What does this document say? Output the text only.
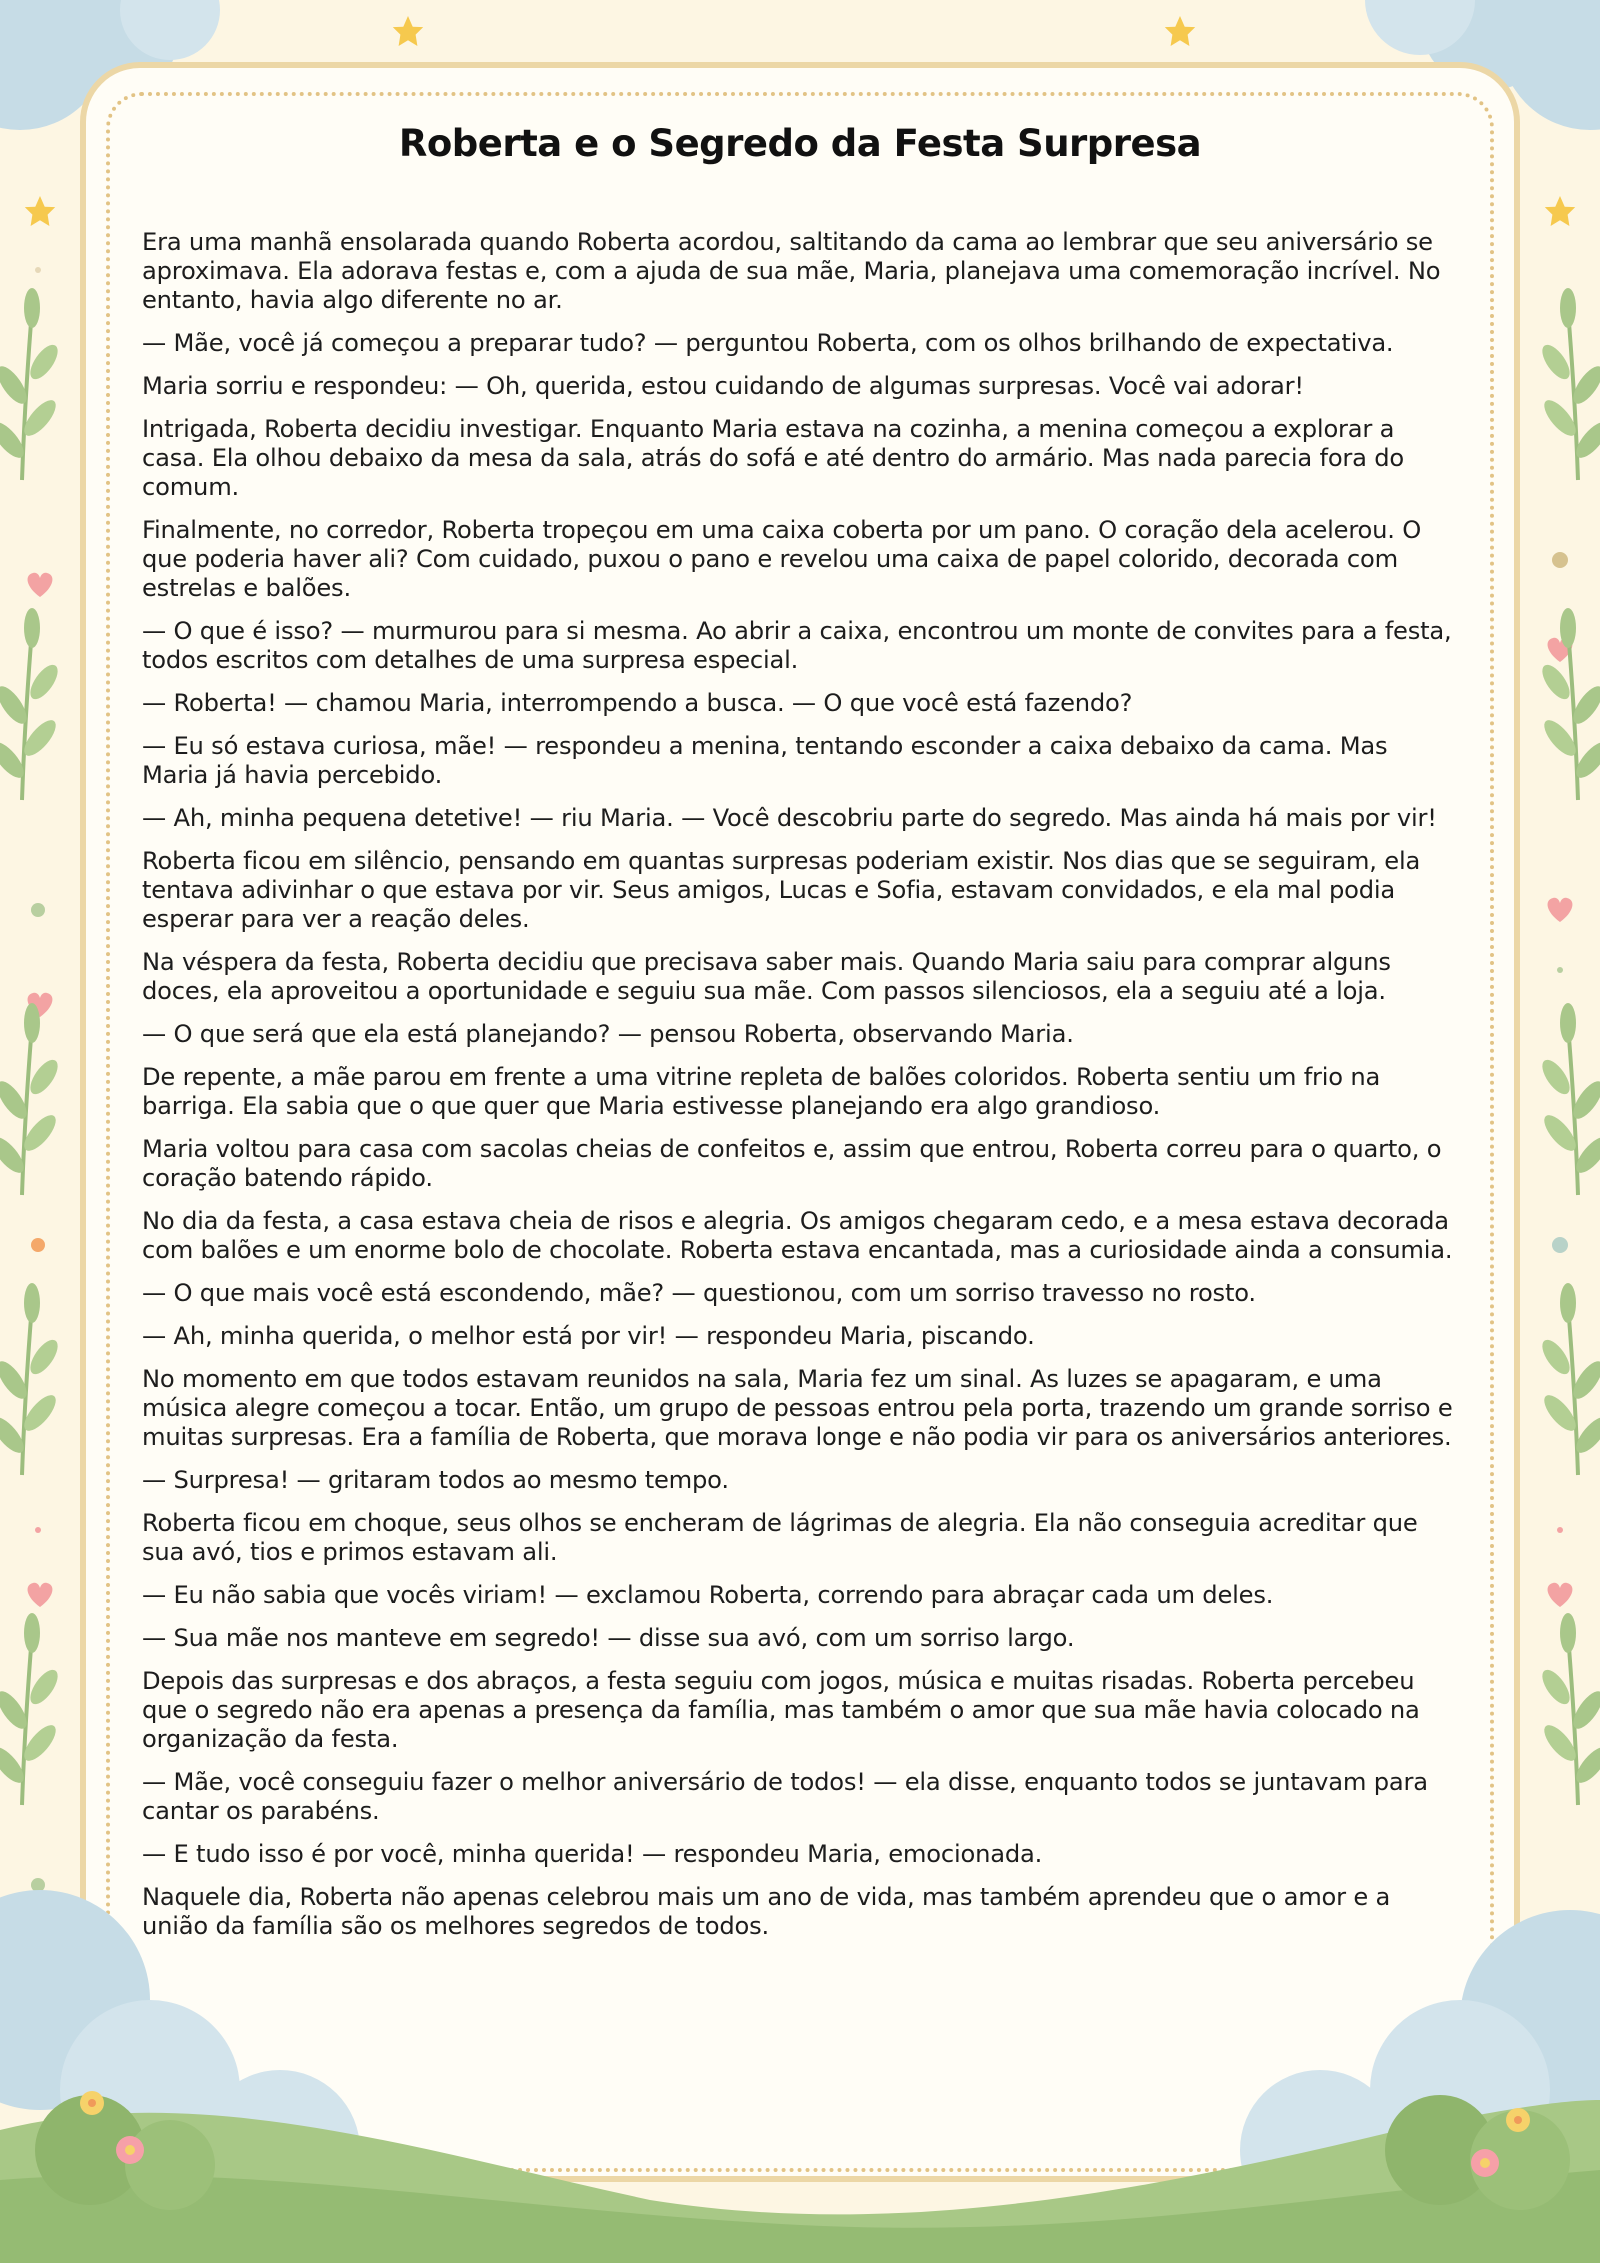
Roberta e o Segredo da Festa Surpresa

Era uma manhã ensolarada quando Roberta acordou, saltitando da cama ao lembrar que seu aniversário se aproximava. Ela adorava festas e, com a ajuda de sua mãe, Maria, planejava uma comemoração incrível. No entanto, havia algo diferente no ar.

— Mãe, você já começou a preparar tudo? — perguntou Roberta, com os olhos brilhando de expectativa.

Maria sorriu e respondeu: — Oh, querida, estou cuidando de algumas surpresas. Você vai adorar!

Intrigada, Roberta decidiu investigar. Enquanto Maria estava na cozinha, a menina começou a explorar a casa. Ela olhou debaixo da mesa da sala, atrás do sofá e até dentro do armário. Mas nada parecia fora do comum.

Finalmente, no corredor, Roberta tropeçou em uma caixa coberta por um pano. O coração dela acelerou. O que poderia haver ali? Com cuidado, puxou o pano e revelou uma caixa de papel colorido, decorada com estrelas e balões.

— O que é isso? — murmurou para si mesma. Ao abrir a caixa, encontrou um monte de convites para a festa, todos escritos com detalhes de uma surpresa especial.

— Roberta! — chamou Maria, interrompendo a busca. — O que você está fazendo?

— Eu só estava curiosa, mãe! — respondeu a menina, tentando esconder a caixa debaixo da cama. Mas Maria já havia percebido.

— Ah, minha pequena detetive! — riu Maria. — Você descobriu parte do segredo. Mas ainda há mais por vir!

Roberta ficou em silêncio, pensando em quantas surpresas poderiam existir. Nos dias que se seguiram, ela tentava adivinhar o que estava por vir. Seus amigos, Lucas e Sofia, estavam convidados, e ela mal podia esperar para ver a reação deles.

Na véspera da festa, Roberta decidiu que precisava saber mais. Quando Maria saiu para comprar alguns doces, ela aproveitou a oportunidade e seguiu sua mãe. Com passos silenciosos, ela a seguiu até a loja.

— O que será que ela está planejando? — pensou Roberta, observando Maria.

De repente, a mãe parou em frente a uma vitrine repleta de balões coloridos. Roberta sentiu um frio na barriga. Ela sabia que o que quer que Maria estivesse planejando era algo grandioso.

Maria voltou para casa com sacolas cheias de confeitos e, assim que entrou, Roberta correu para o quarto, o coração batendo rápido.

No dia da festa, a casa estava cheia de risos e alegria. Os amigos chegaram cedo, e a mesa estava decorada com balões e um enorme bolo de chocolate. Roberta estava encantada, mas a curiosidade ainda a consumia.

— O que mais você está escondendo, mãe? — questionou, com um sorriso travesso no rosto.

— Ah, minha querida, o melhor está por vir! — respondeu Maria, piscando.

No momento em que todos estavam reunidos na sala, Maria fez um sinal. As luzes se apagaram, e uma música alegre começou a tocar. Então, um grupo de pessoas entrou pela porta, trazendo um grande sorriso e muitas surpresas. Era a família de Roberta, que morava longe e não podia vir para os aniversários anteriores.

— Surpresa! — gritaram todos ao mesmo tempo.

Roberta ficou em choque, seus olhos se encheram de lágrimas de alegria. Ela não conseguia acreditar que sua avó, tios e primos estavam ali.

— Eu não sabia que vocês viriam! — exclamou Roberta, correndo para abraçar cada um deles.

— Sua mãe nos manteve em segredo! — disse sua avó, com um sorriso largo.

Depois das surpresas e dos abraços, a festa seguiu com jogos, música e muitas risadas. Roberta percebeu que o segredo não era apenas a presença da família, mas também o amor que sua mãe havia colocado na organização da festa.

— Mãe, você conseguiu fazer o melhor aniversário de todos! — ela disse, enquanto todos se juntavam para cantar os parabéns.

— E tudo isso é por você, minha querida! — respondeu Maria, emocionada.

Naquele dia, Roberta não apenas celebrou mais um ano de vida, mas também aprendeu que o amor e a união da família são os melhores segredos de todos.
